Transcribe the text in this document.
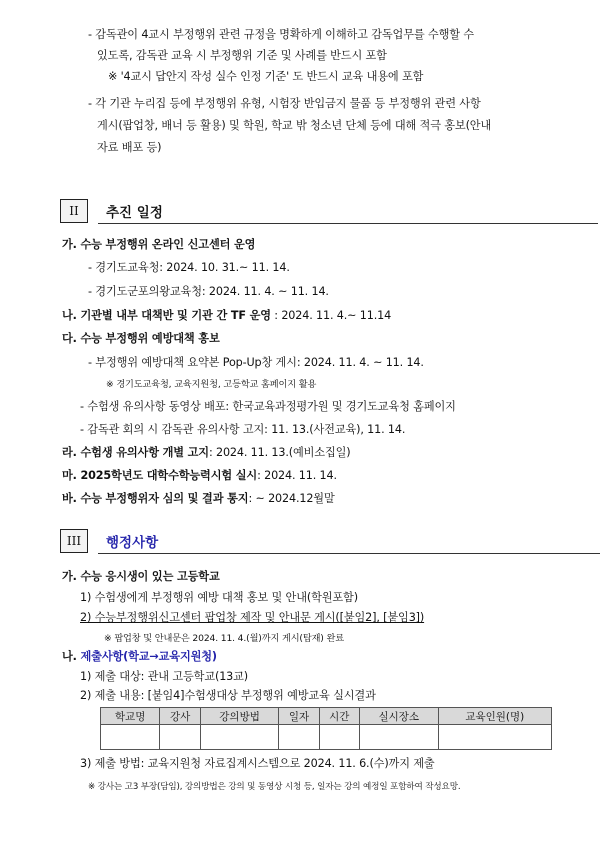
- 감독관이 4교시 부정행위 관련 규정을 명확하게 이해하고 감독업무를 수행할 수
있도록, 감독관 교육 시 부정행위 기준 및 사례를 반드시 포함
※ '4교시 답안지 작성 실수 인정 기준' 도 반드시 교육 내용에 포함
- 각 기관 누리집 등에 부정행위 유형, 시험장 반입금지 물품 등 부정행위 관련 사항
게시(팝업창, 배너 등 활용) 및 학원, 학교 밖 청소년 단체 등에 대해 적극 홍보(안내
자료 배포 등)
II	추진 일정
가. 수능 부정행위 온라인 신고센터 운영
- 경기도교육청: 2024. 10. 31.~ 11. 14.
- 경기도군포의왕교육청: 2024. 11. 4. ~ 11. 14.
나. 기관별 내부 대책반 및 기관 간 TF 운영 : 2024. 11. 4.~ 11.14
다. 수능 부정행위 예방대책 홍보
- 부정행위 예방대책 요약본 Pop-Up창 게시: 2024. 11. 4. ~ 11. 14.
※ 경기도교육청, 교육지원청, 고등학교 홈페이지 활용
- 수험생 유의사항 동영상 배포: 한국교육과정평가원 및 경기도교육청 홈페이지
- 감독관 회의 시 감독관 유의사항 고지: 11. 13.(사전교육), 11. 14.
라. 수험생 유의사항 개별 고지: 2024. 11. 13.(예비소집일)
마. 2025학년도 대학수학능력시험 실시: 2024. 11. 14.
바. 수능 부정행위자 심의 및 결과 통지: ~ 2024.12월말
III	행정사항
가. 수능 응시생이 있는 고등학교
1) 수험생에게 부정행위 예방 대책 홍보 및 안내(학원포함)
2) 수능부정행위신고센터 팝업창 제작 및 안내문 게시([붙임2], [붙임3])
※ 팝업창 및 안내문은 2024. 11. 4.(월)까지 게시(탑재) 완료
나. 제출사항(학교→교육지원청)
1) 제출 대상: 관내 고등학교(13교)
2) 제출 내용: [붙임4]수험생대상 부정행위 예방교육 실시결과
학교명	강사	강의방법	일자	시간	실시장소	교육인원(명)

3) 제출 방법: 교육지원청 자료집계시스템으로 2024. 11. 6.(수)까지 제출
※ 강사는 고3 부장(담임), 강의방법은 강의 및 동영상 시청 등, 일자는 강의 예정일 포함하여 작성요망.
